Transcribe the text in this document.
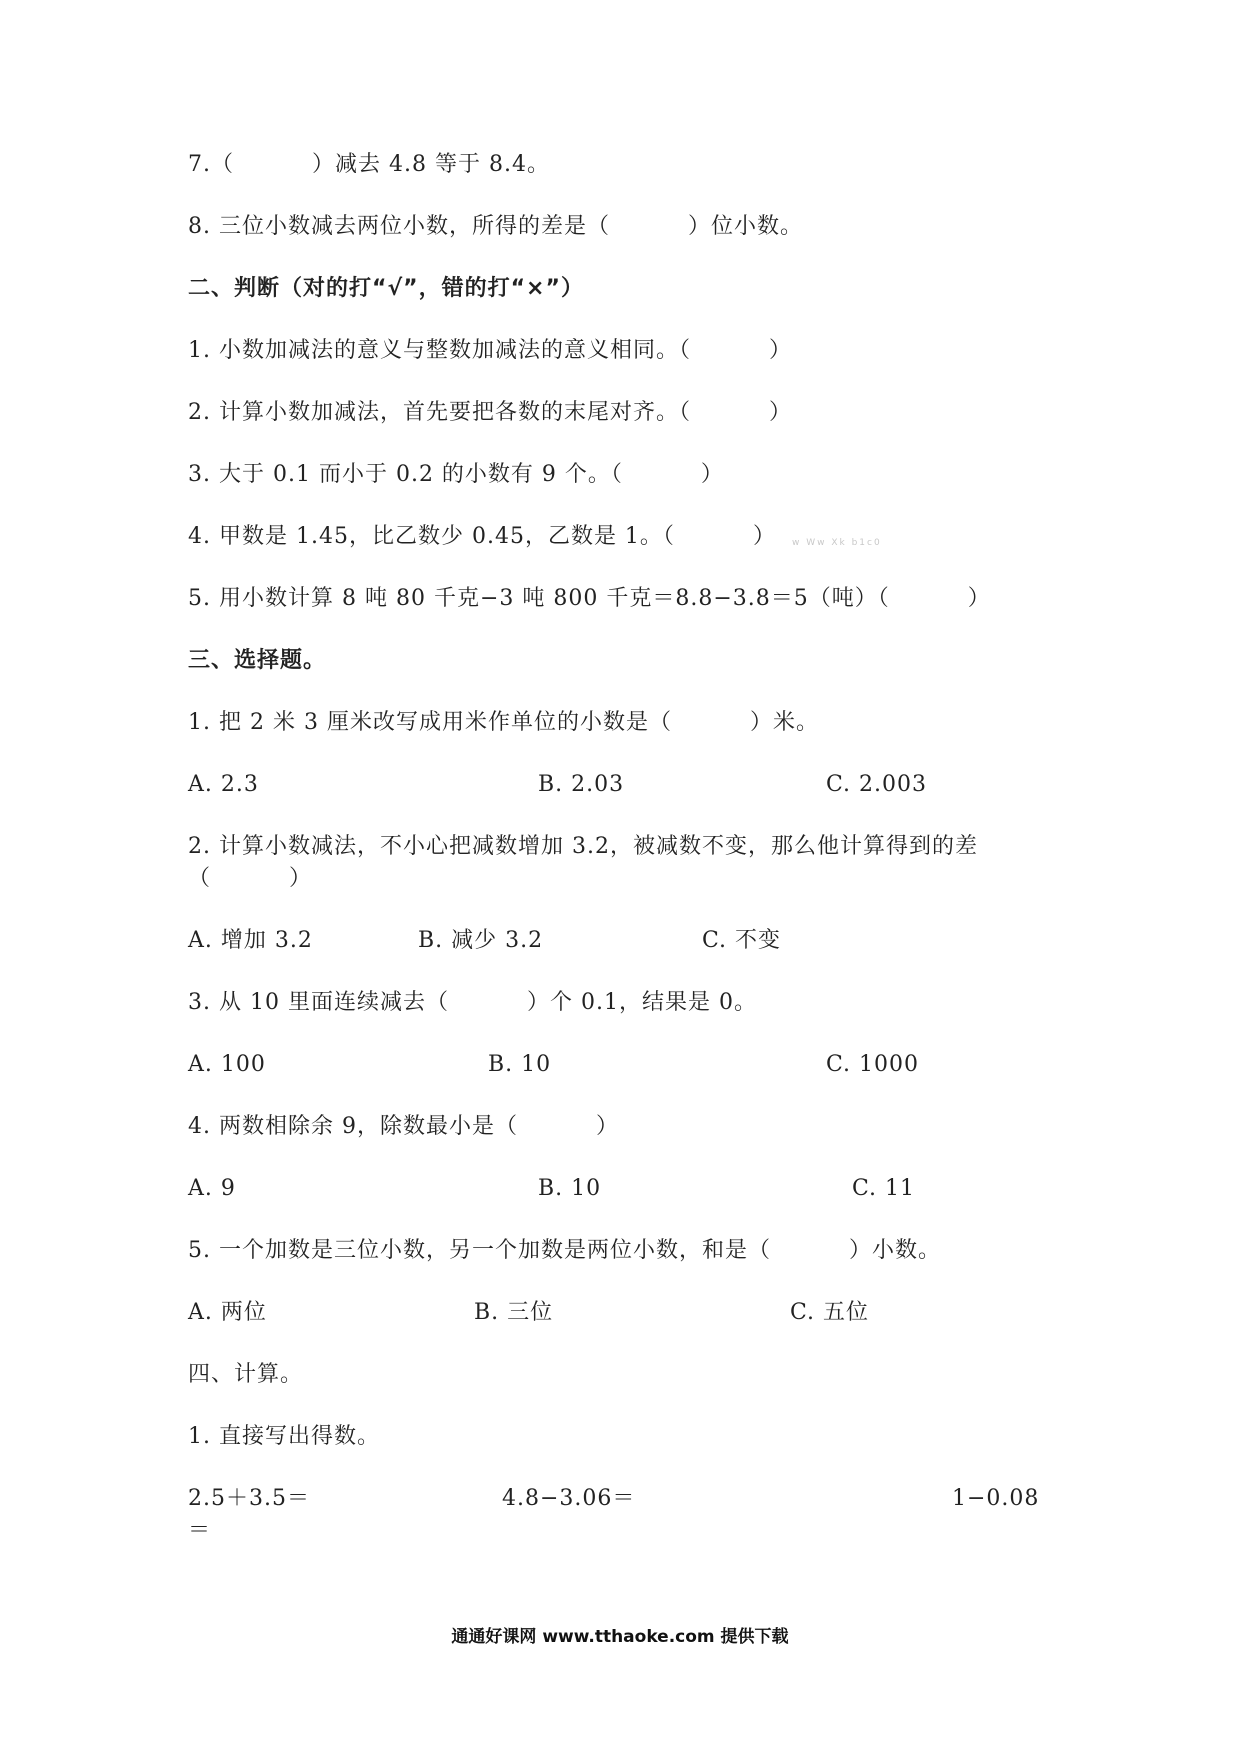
7.（	）减去 4.8 等于 8.4。
8. 三位小数减去两位小数，所得的差是（	）位小数。
二、判断（对的打“√”，错的打“×”）
1. 小数加减法的意义与整数加减法的意义相同。（	）
2. 计算小数加减法，首先要把各数的末尾对齐。（	）
3. 大于 0.1 而小于 0.2 的小数有 9 个。（	）
4. 甲数是 1.45，比乙数少 0.45，乙数是 1。（	） w Ww Xk b1c0
5. 用小数计算 8 吨 80 千克−3 吨 800 千克＝8.8−3.8＝5（吨）（	）
三、选择题。
1. 把 2 米 3 厘米改写成用米作单位的小数是（	）米。
A. 2.3	B. 2.03	C. 2.003
2. 计算小数减法，不小心把减数增加 3.2，被减数不变，那么他计算得到的差
（	）
A. 增加 3.2	B. 减少 3.2	C. 不变
3. 从 10 里面连续减去（	）个 0.1，结果是 0。
A. 100	B. 10	C. 1000
4. 两数相除余 9，除数最小是（	）
A. 9	B. 10	C. 11
5. 一个加数是三位小数，另一个加数是两位小数，和是（	）小数。
A. 两位	B. 三位	C. 五位
四、计算。
1. 直接写出得数。
2.5＋3.5＝	4.8−3.06＝	1−0.08
＝
通通好课网 www.tthaoke.com 提供下载
